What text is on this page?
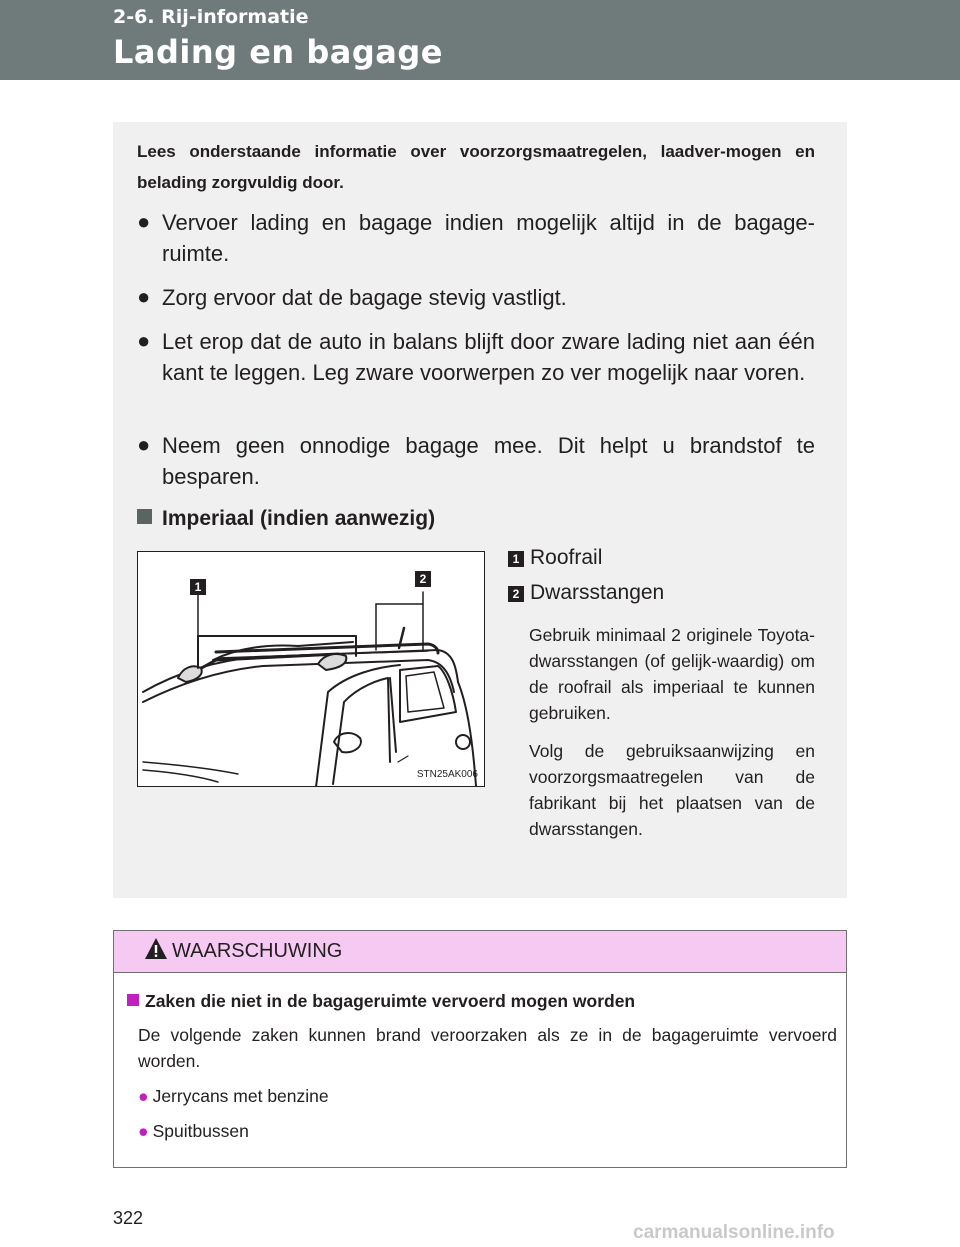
2-6. Rij-informatie
Lading en bagage
Lees onderstaande informatie over voorzorgsmaatregelen, laadver-mogen en belading zorgvuldig door.
● Vervoer lading en bagage indien mogelijk altijd in de bagage-ruimte.
● Zorg ervoor dat de bagage stevig vastligt.
● Let erop dat de auto in balans blijft door zware lading niet aan één kant te leggen. Leg zware voorwerpen zo ver mogelijk naar voren.
● Neem geen onnodige bagage mee. Dit helpt u brandstof te besparen.
Imperiaal (indien aanwezig)
1
2
STN25AK006
1 Roofrail
2 Dwarsstangen
Gebruik minimaal 2 originele Toyota-dwarsstangen (of gelijk-waardig) om de roofrail als imperiaal te kunnen gebruiken.
Volg de gebruiksaanwijzing en voorzorgsmaatregelen van de fabrikant bij het plaatsen van de dwarsstangen.
WAARSCHUWING
Zaken die niet in de bagageruimte vervoerd mogen worden
De volgende zaken kunnen brand veroorzaken als ze in de bagageruimte vervoerd worden.
● Jerrycans met benzine
● Spuitbussen
322
carmanualsonline.info
